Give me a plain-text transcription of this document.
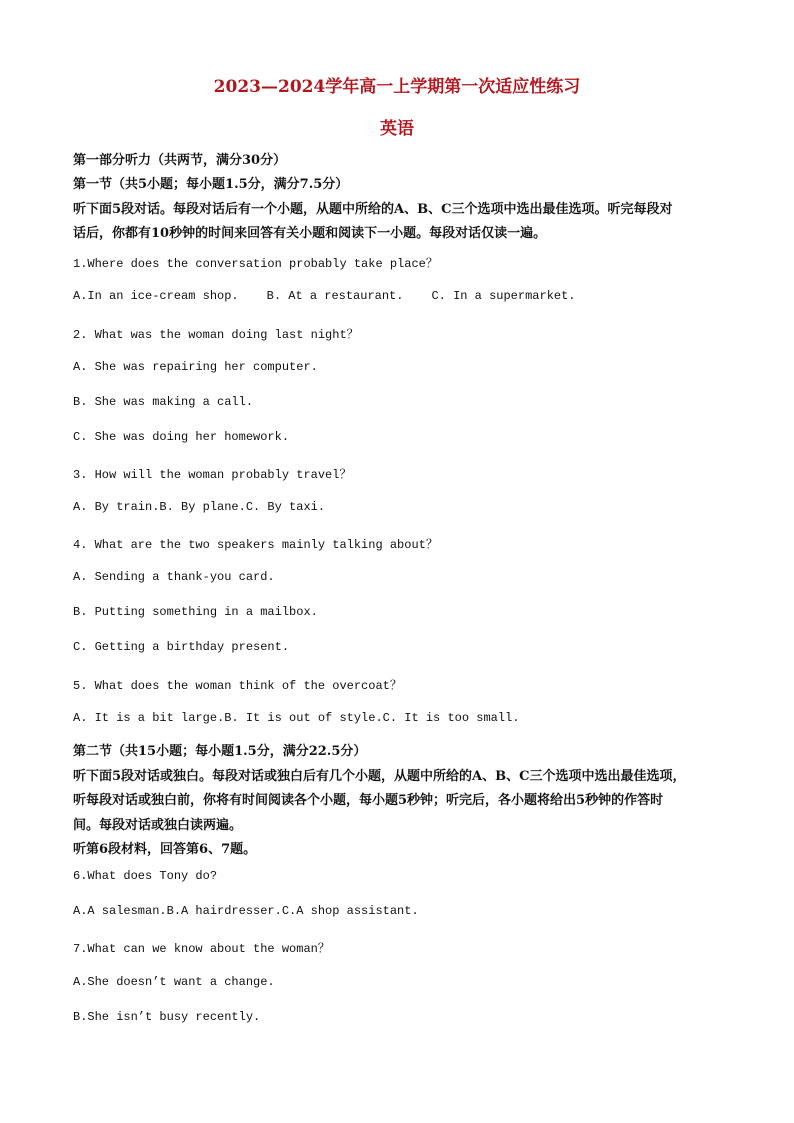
2023—2024学年高一上学期第一次适应性练习
英语
第一部分听力（共两节，满分30分）
第一节（共5小题；每小题1.5分，满分7.5分）
听下面5段对话。每段对话后有一个小题，从题中所给的A、B、C三个选项中选出最佳选项。听完每段对
话后，你都有10秒钟的时间来回答有关小题和阅读下一小题。每段对话仅读一遍。
1.Where does the conversation probably take place？
A.In an ice-cream shop. B. At a restaurant. C. In a supermarket.
2. What was the woman doing last night？
A. She was repairing her computer.
B. She was making a call.
C. She was doing her homework.
3. How will the woman probably travel？
A. By train.B. By plane.C. By taxi.
4. What are the two speakers mainly talking about？
A. Sending a thank-you card.
B. Putting something in a mailbox.
C. Getting a birthday present.
5. What does the woman think of the overcoat？
A. It is a bit large.B. It is out of style.C. It is too small.
第二节（共15小题；每小题1.5分，满分22.5分）
听下面5段对话或独白。每段对话或独白后有几个小题，从题中所给的A、B、C三个选项中选出最佳选项，
听每段对话或独白前，你将有时间阅读各个小题，每小题5秒钟；听完后，各小题将给出5秒钟的作答时
间。每段对话或独白读两遍。
听第6段材料，回答第6、7题。
6.What does Tony do?
A.A salesman.B.A hairdresser.C.A shop assistant.
7.What can we know about the woman？
A.She doesn’t want a change.
B.She isn’t busy recently.
